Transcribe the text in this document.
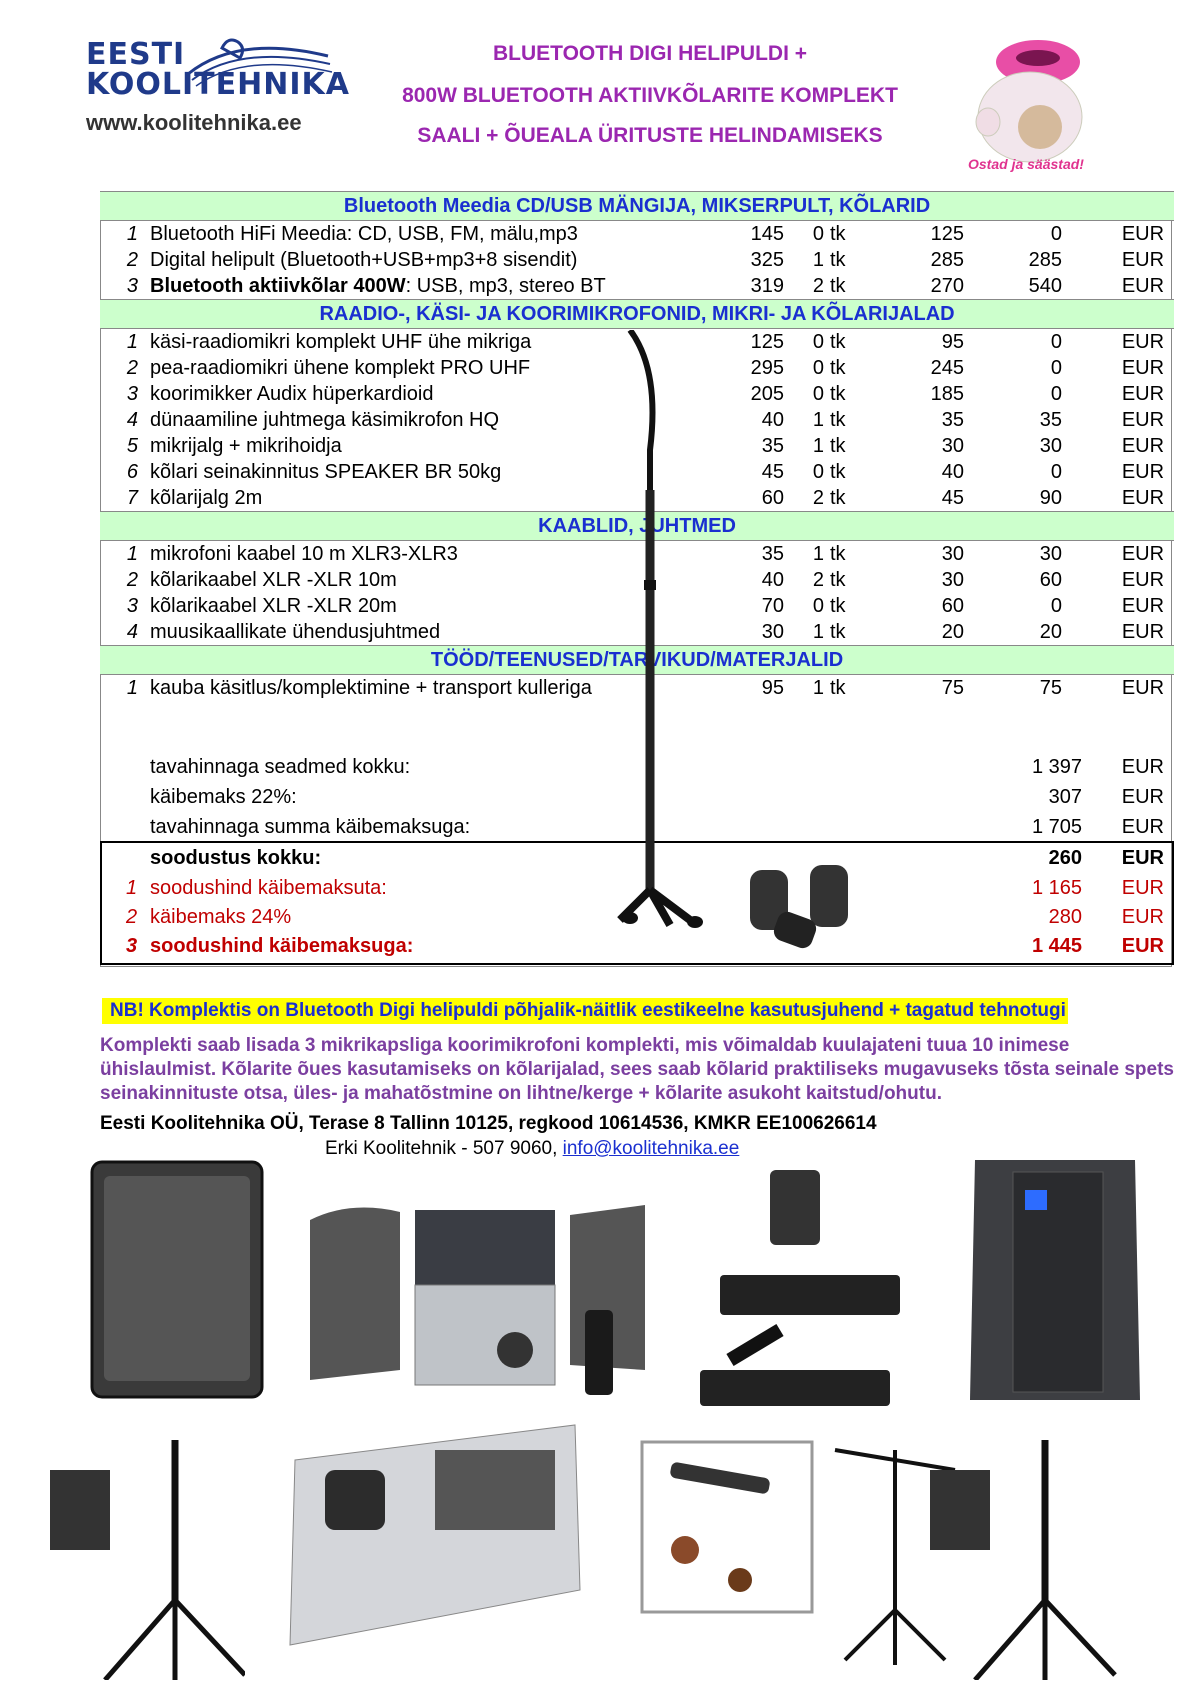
EESTI
KOOLITEHNIKA
www.koolitehnika.ee
BLUETOOTH DIGI HELIPULDI +
800W BLUETOOTH AKTIIVKÕLARITE KOMPLEKT
SAALI + ÕUEALA ÜRITUSTE HELINDAMISEKS
Ostad ja säästad!
Bluetooth Meedia CD/USB MÄNGIJA, MIKSERPULT, KÕLARID							
1	Bluetooth HiFi Meedia: CD, USB, FM, mälu,mp3	145	0	tk	125	0	EUR
2	Digital helipult (Bluetooth+USB+mp3+8 sisendit)	325	1	tk	285	285	EUR
3	Bluetooth aktiivkõlar 400W: USB, mp3, stereo BT	319	2	tk	270	540	EUR
RAADIO-, KÄSI- JA KOORIMIKROFONID, MIKRI- JA KÕLARIJALAD							
1	käsi-raadiomikri komplekt UHF ühe mikriga	125	0	tk	95	0	EUR
2	pea-raadiomikri ühene komplekt PRO UHF	295	0	tk	245	0	EUR
3	koorimikker Audix hüperkardioid	205	0	tk	185	0	EUR
4	dünaamiline juhtmega käsimikrofon HQ	40	1	tk	35	35	EUR
5	mikrijalg + mikrihoidja	35	1	tk	30	30	EUR
6	kõlari seinakinnitus SPEAKER BR 50kg	45	0	tk	40	0	EUR
7	kõlarijalg 2m	60	2	tk	45	90	EUR
KAABLID, JUHTMED							
1	mikrofoni kaabel 10 m XLR3-XLR3	35	1	tk	30	30	EUR
2	kõlarikaabel XLR -XLR 10m	40	2	tk	30	60	EUR
3	kõlarikaabel XLR -XLR 20m	70	0	tk	60	0	EUR
4	muusikaallikate ühendusjuhtmed	30	1	tk	20	20	EUR
TÖÖD/TEENUSED/TARVIKUD/MATERJALID							
1	kauba käsitlus/komplektimine + transport kulleriga	95	1	tk	75	75	EUR
tavahinnaga seadmed kokku:	1 397 EUR
käibemaks 22%:	307 EUR
tavahinnaga summa käibemaksuga:	1 705 EUR
soodustus kokku:	260 EUR
1 soodushind käibemaksuta:	1 165 EUR
2 käibemaks 24%	280 EUR
3 soodushind käibemaksuga:	1 445 EUR
NB! Komplektis on Bluetooth Digi helipuldi põhjalik-näitlik eestikeelne kasutusjuhend + tagatud tehnotugi
Komplekti saab lisada 3 mikrikapsliga koorimikrofoni komplekti, mis võimaldab kuulajateni tuua 10 inimese ühislaulmist. Kõlarite õues kasutamiseks on kõlarijalad, sees saab kõlarid praktiliseks mugavuseks tõsta seinale spets seinakinnituste otsa, üles- ja mahatõstmine on lihtne/kerge + kõlarite asukoht kaitstud/ohutu.
Eesti Koolitehnika OÜ, Terase 8 Tallinn 10125, regkood 10614536, KMKR EE100626614
Erki Koolitehnik - 507 9060, info@koolitehnika.ee
